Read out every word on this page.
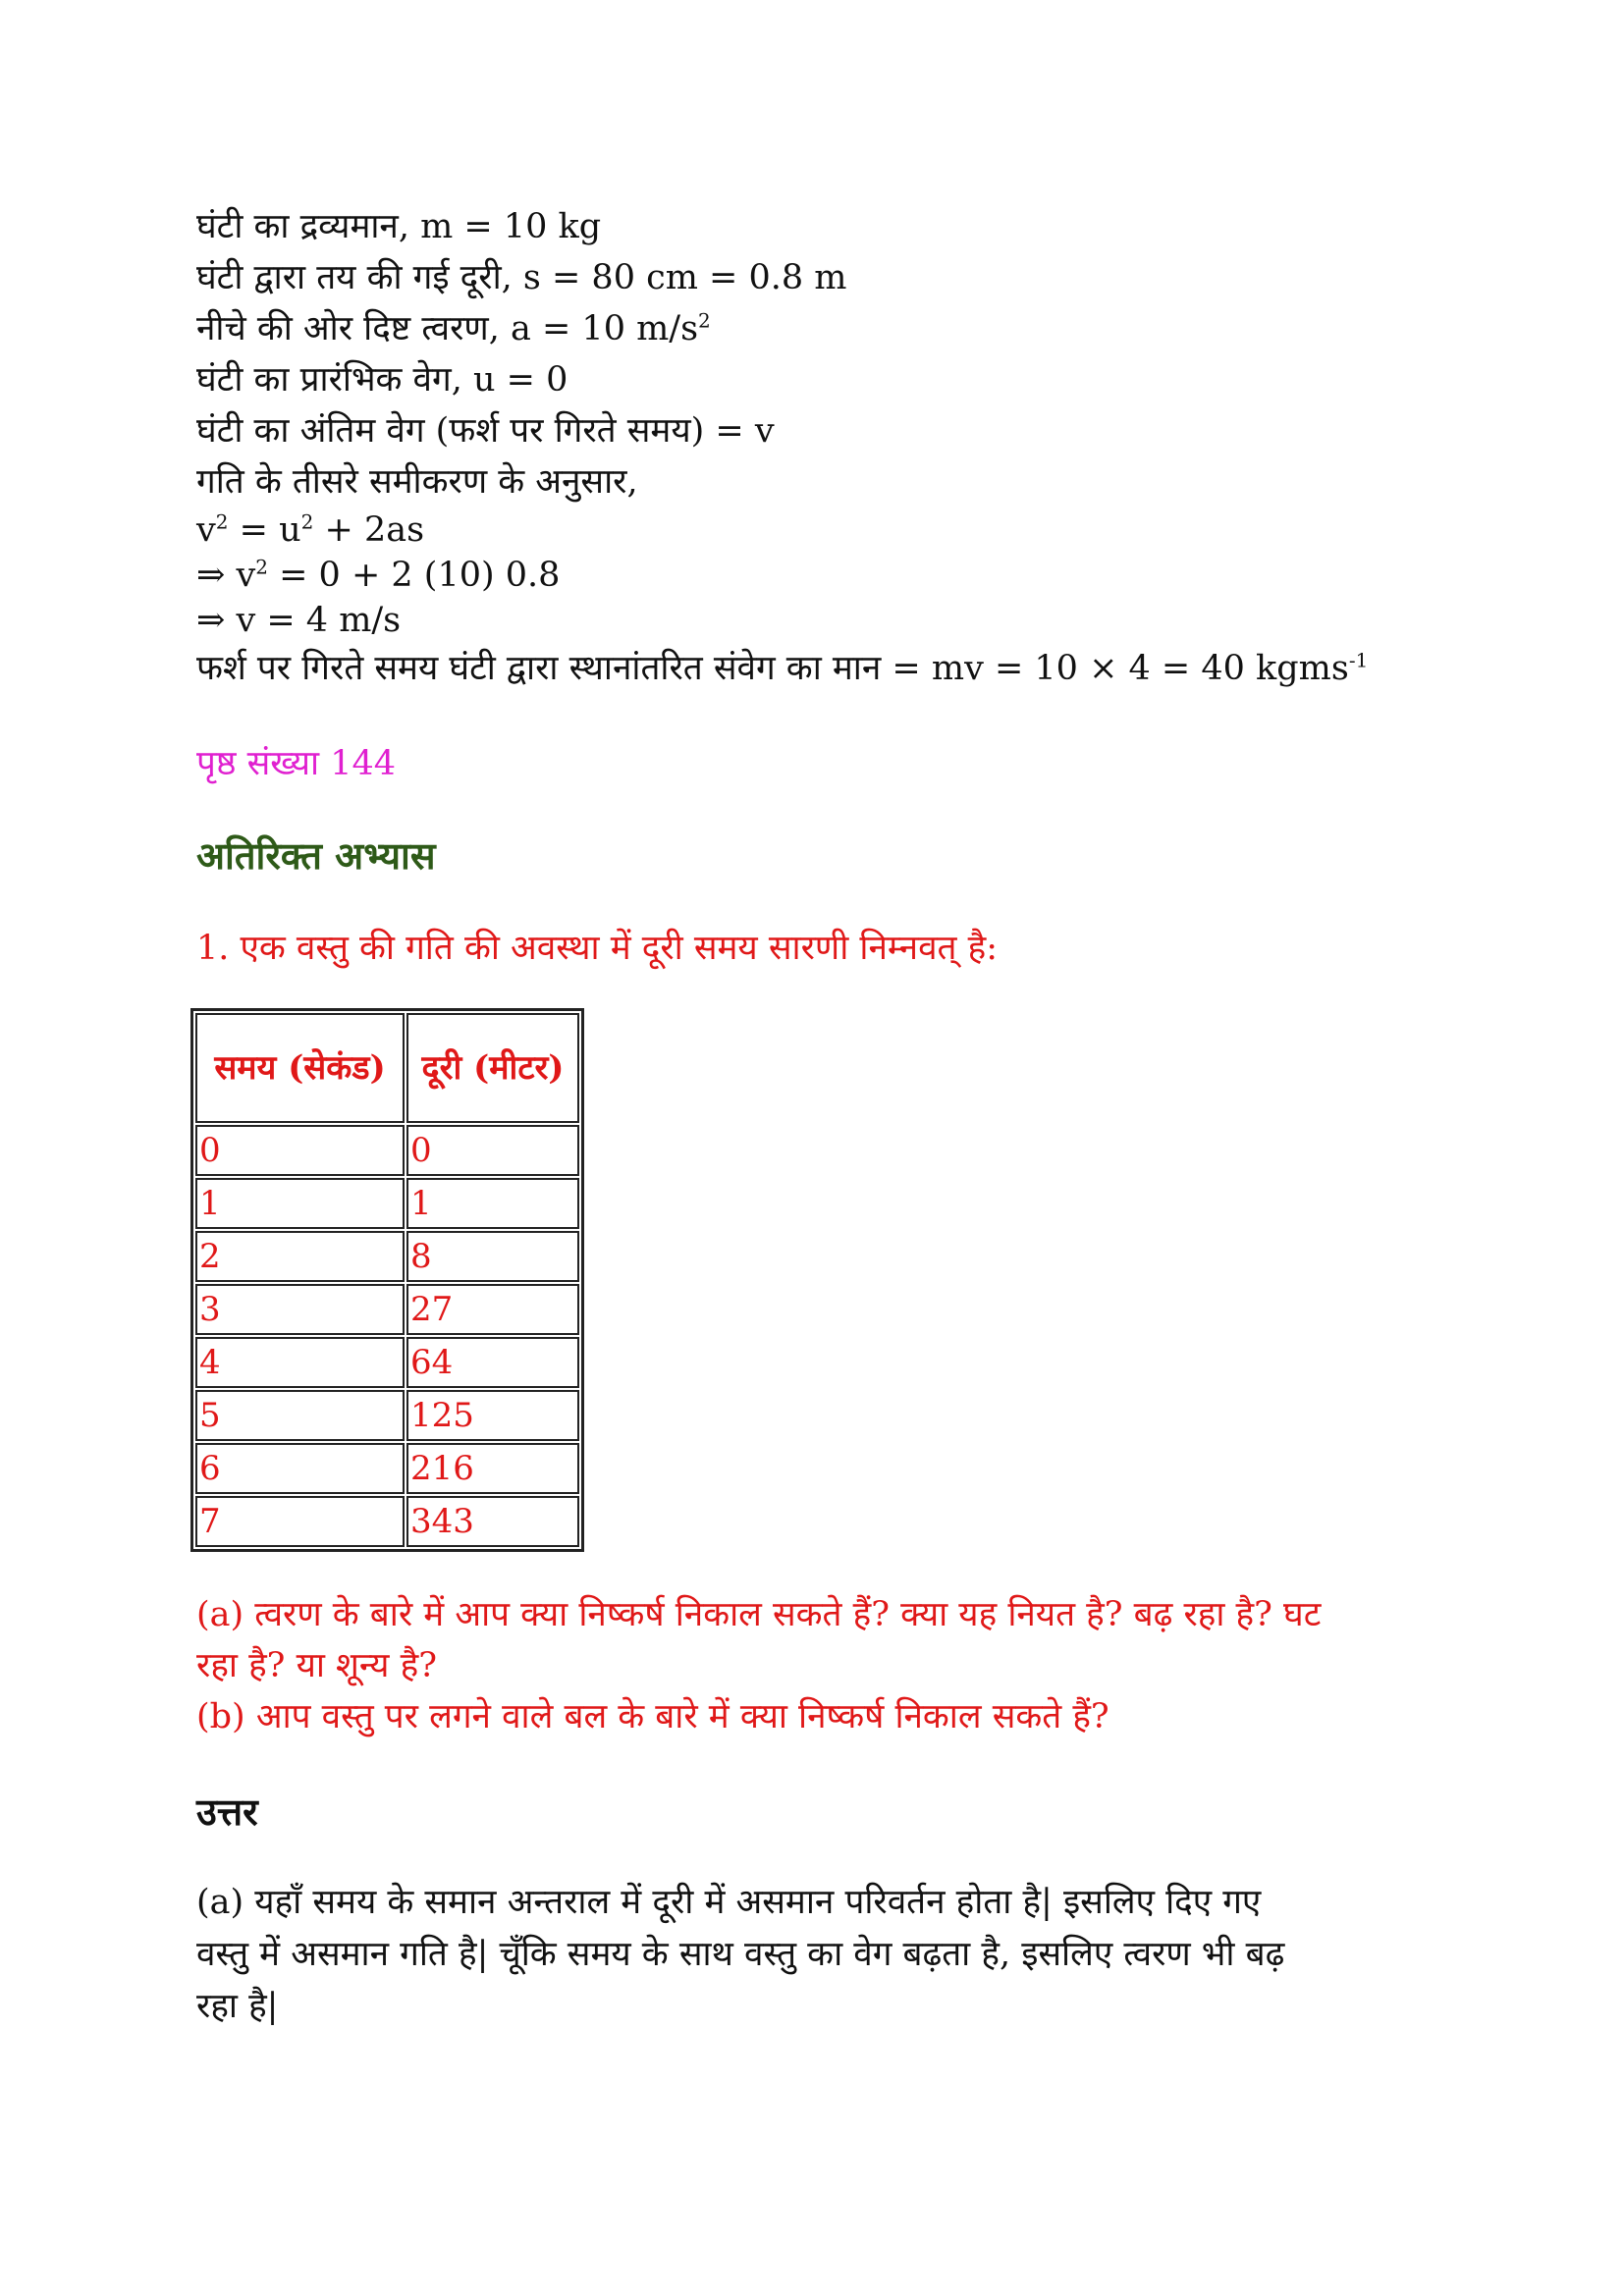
घंटी का द्रव्यमान, m = 10 kg
घंटी द्वारा तय की गई दूरी, s = 80 cm = 0.8 m
नीचे की ओर दिष्ट त्वरण, a = 10 $m/s^2$
घंटी का प्रारंभिक वेग, u = 0
घंटी का अंतिम वेग (फर्श पर गिरते समय) = v
गति के तीसरे समीकरण के अनुसार,
$v^2 = u^2 + 2as$
⇒ $v^2 = 0 + 2$ (10) 0.8
⇒ v = 4 m/s
फर्श पर गिरते समय घंटी द्वारा स्थानांतरित संवेग का मान = mv = 10 × 4 = 40 kgms$^{-1}$
पृष्ठ संख्या 144
अतिरिक्त अभ्यास
1. एक वस्तु की गति की अवस्था में दूरी समय सारणी निम्नवत् है:
समय (सेकंड)	दूरी (मीटर)
0	0
1	1
2	8
3	27
4	64
5	125
6	216
7	343
(a) त्वरण के बारे में आप क्या निष्कर्ष निकाल सकते हैं? क्या यह नियत है? बढ़ रहा है? घट
रहा है? या शून्य है?
(b) आप वस्तु पर लगने वाले बल के बारे में क्या निष्कर्ष निकाल सकते हैं?
उत्तर
(a) यहाँ समय के समान अन्तराल में दूरी में असमान परिवर्तन होता है| इसलिए दिए गए
वस्तु में असमान गति है| चूँकि समय के साथ वस्तु का वेग बढ़ता है, इसलिए त्वरण भी बढ़
रहा है|
